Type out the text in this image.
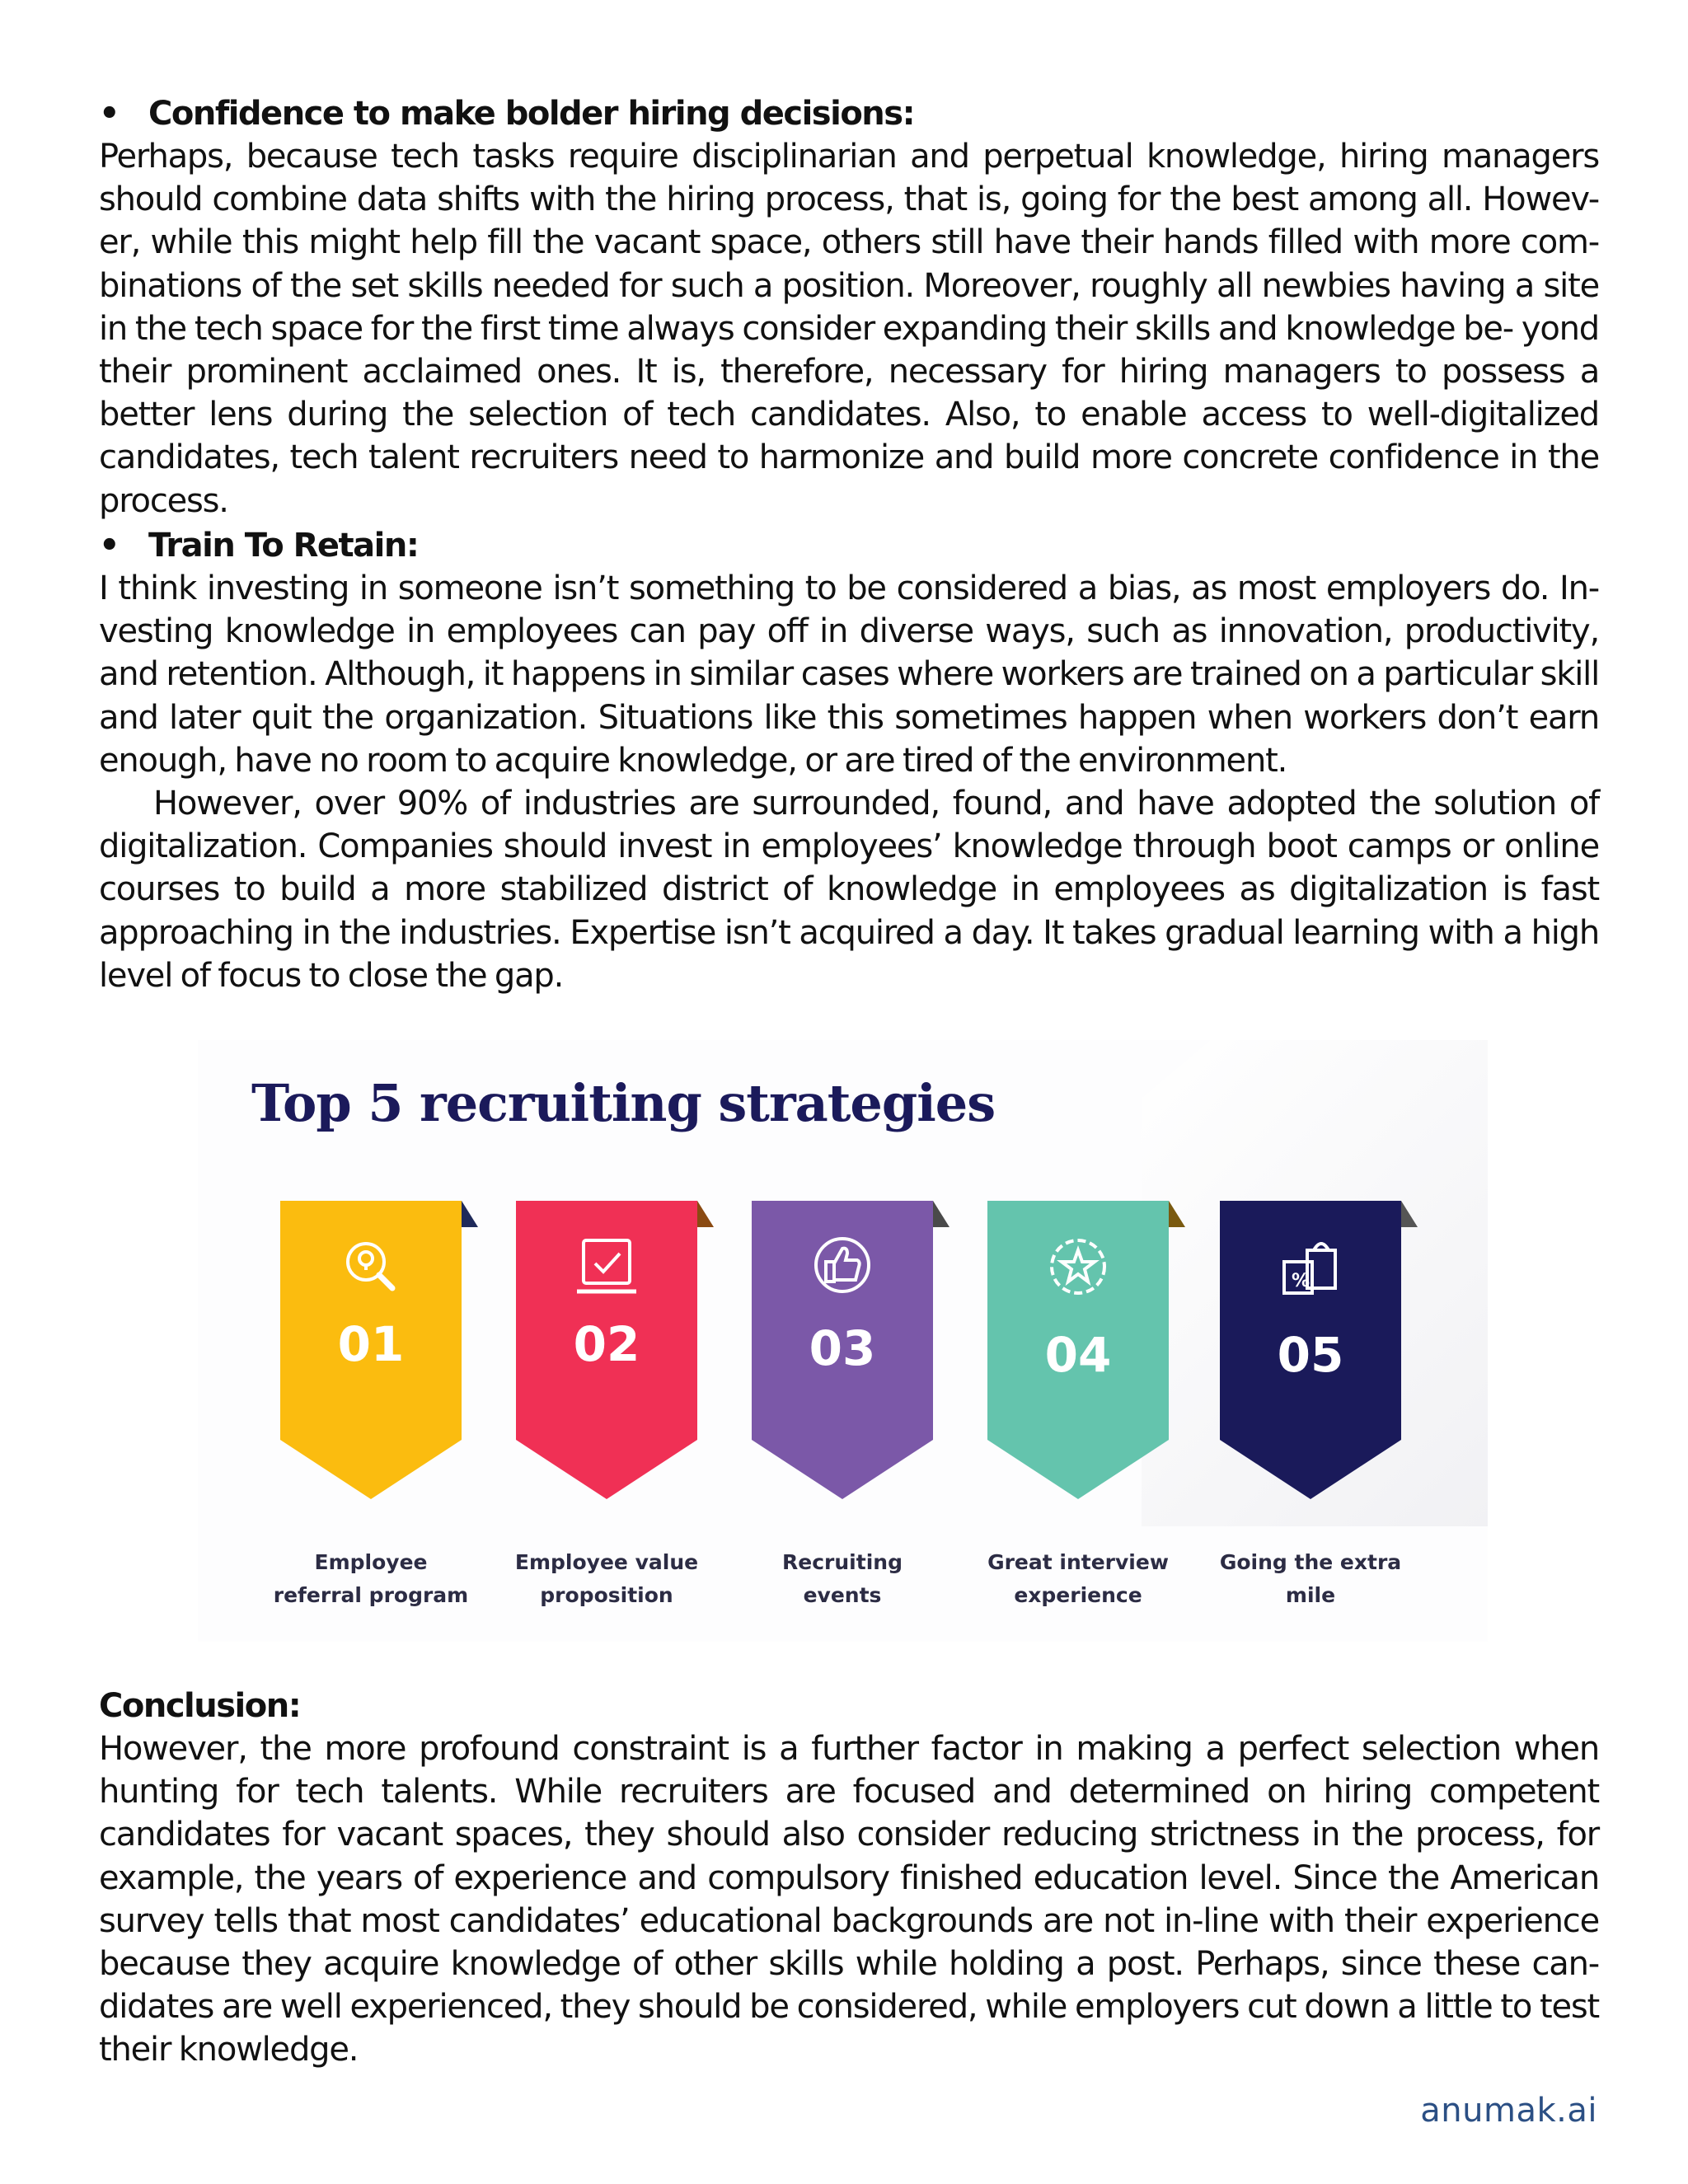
• Confidence to make bolder hiring decisions:
Perhaps, because tech tasks require disciplinarian and perpetual knowledge, hiring managers should combine data shifts with the hiring process, that is, going for the best among all. Howev- er, while this might help fill the vacant space, others still have their hands filled with more com- binations of the set skills needed for such a position. Moreover, roughly all newbies having a site in the tech space for the first time always consider expanding their skills and knowledge be- yond their prominent acclaimed ones. It is, therefore, necessary for hiring managers to possess a better lens during the selection of tech candidates. Also, to enable access to well-digitalized candidates, tech talent recruiters need to harmonize and build more concrete confidence in the process.
• Train To Retain:
I think investing in someone isn’t something to be considered a bias, as most employers do. In- vesting knowledge in employees can pay off in diverse ways, such as innovation, productivity, and retention. Although, it happens in similar cases where workers are trained on a particular skill and later quit the organization. Situations like this sometimes happen when workers don’t earn enough, have no room to acquire knowledge, or are tired of the environment.
However, over 90% of industries are surrounded, found, and have adopted the solution of digitalization. Companies should invest in employees’ knowledge through boot camps or online courses to build a more stabilized district of knowledge in employees as digitalization is fast approaching in the industries. Expertise isn’t acquired a day. It takes gradual learning with a high level of focus to close the gap.
Top 5 recruiting strategies
01
Employee
referral program
02
Employee value
proposition
03
Recruiting
events
04
Great interview
experience
%
05
Going the extra
mile
Conclusion:
However, the more profound constraint is a further factor in making a perfect selection when hunting for tech talents. While recruiters are focused and determined on hiring competent candidates for vacant spaces, they should also consider reducing strictness in the process, for example, the years of experience and compulsory finished education level. Since the American survey tells that most candidates’ educational backgrounds are not in-line with their experience because they acquire knowledge of other skills while holding a post. Perhaps, since these can- didates are well experienced, they should be considered, while employers cut down a little to test their knowledge.
anumak.ai
